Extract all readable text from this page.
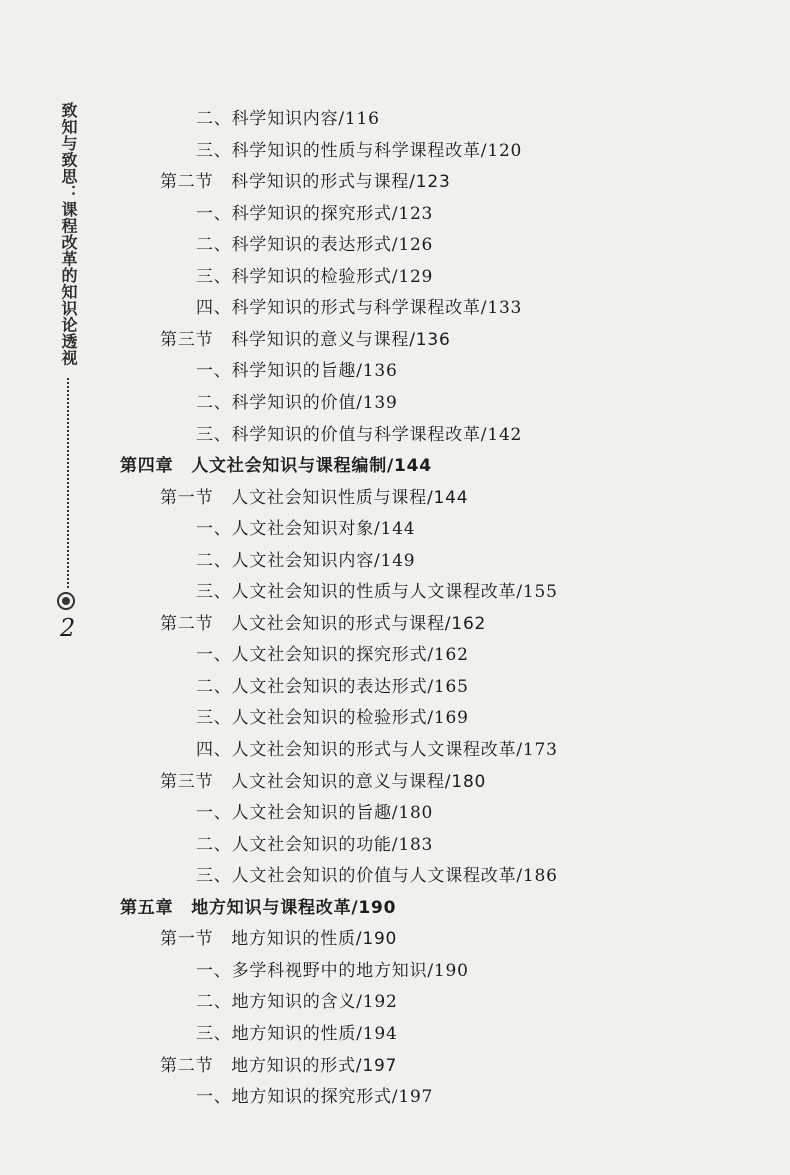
致知与致思：课程改革的知识论透视
2
二、科学知识内容/116
三、科学知识的性质与科学课程改革/120
第二节　科学知识的形式与课程/123
一、科学知识的探究形式/123
二、科学知识的表达形式/126
三、科学知识的检验形式/129
四、科学知识的形式与科学课程改革/133
第三节　科学知识的意义与课程/136
一、科学知识的旨趣/136
二、科学知识的价值/139
三、科学知识的价值与科学课程改革/142
第四章　人文社会知识与课程编制/144
第一节　人文社会知识性质与课程/144
一、人文社会知识对象/144
二、人文社会知识内容/149
三、人文社会知识的性质与人文课程改革/155
第二节　人文社会知识的形式与课程/162
一、人文社会知识的探究形式/162
二、人文社会知识的表达形式/165
三、人文社会知识的检验形式/169
四、人文社会知识的形式与人文课程改革/173
第三节　人文社会知识的意义与课程/180
一、人文社会知识的旨趣/180
二、人文社会知识的功能/183
三、人文社会知识的价值与人文课程改革/186
第五章　地方知识与课程改革/190
第一节　地方知识的性质/190
一、多学科视野中的地方知识/190
二、地方知识的含义/192
三、地方知识的性质/194
第二节　地方知识的形式/197
一、地方知识的探究形式/197
